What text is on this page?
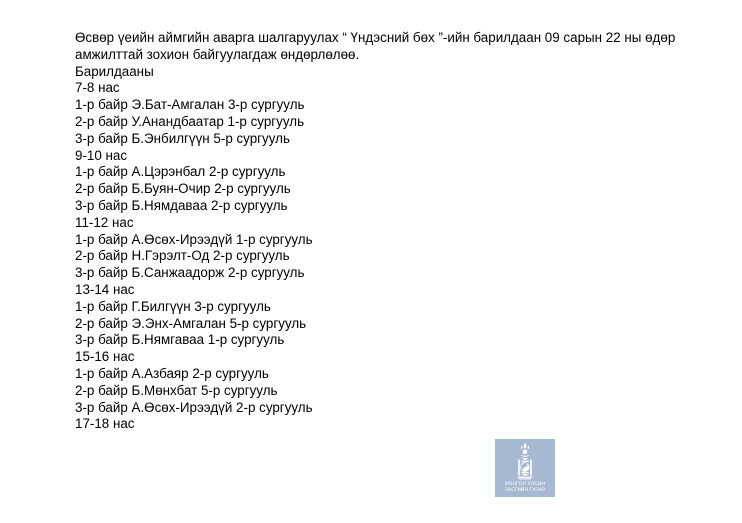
Өсвөр үеийн аймгийн аварга шалгаруулах “ Үндэсний бөх ”-ийн барилдаан 09 сарын 22 ны өдөр амжилттай зохион байгуулагдаж өндөрлөлөө.

Барилдааны

7-8 нас

1-р байр Э.Бат-Амгалан 3-р сургууль

2-р байр У.Анандбаатар 1-р сургууль

3-р байр Б.Энбилгүүн 5-р сургууль

9-10 нас

1-р байр А.Цэрэнбал 2-р сургууль

2-р байр Б.Буян-Очир 2-р сургууль

3-р байр Б.Нямдаваа 2-р сургууль

11-12 нас

1-р байр А.Өсөх-Ирээдүй 1-р сургууль

2-р байр Н.Гэрэлт-Од 2-р сургууль

3-р байр Б.Санжаадорж 2-р сургууль

13-14 нас

1-р байр Г.Билгүүн 3-р сургууль

2-р байр Э.Энх-Амгалан 5-р сургууль

3-р байр Б.Нямгаваа 1-р сургууль

15-16 нас

1-р байр А.Азбаяр 2-р сургууль

2-р байр Б.Мөнхбат 5-р сургууль

3-р байр А.Өсөх-Ирээдүй 2-р сургууль

17-18 нас

МОНГОЛ УЛСЫН
ЗАСГИЙН ГАЗАР
